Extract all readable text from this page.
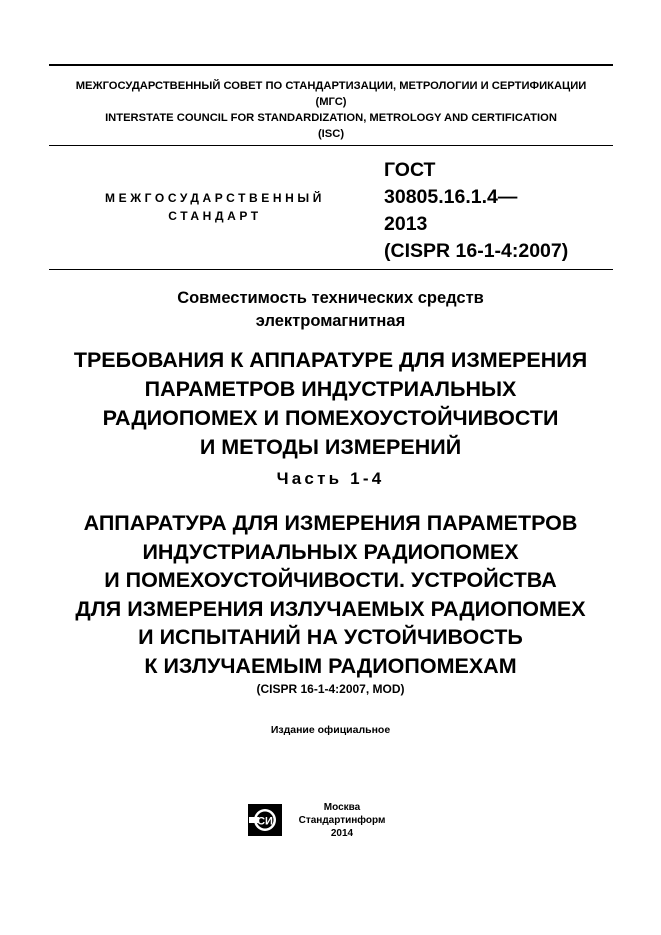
МЕЖГОСУДАРСТВЕННЫЙ СОВЕТ ПО СТАНДАРТИЗАЦИИ, МЕТРОЛОГИИ И СЕРТИФИКАЦИИ
(МГС)
INTERSTATE COUNCIL FOR STANDARDIZATION, METROLOGY AND CERTIFICATION
(ISC)
МЕЖГОСУДАРСТВЕННЫЙ
СТАНДАРТ
ГОСТ
30805.16.1.4—
2013
(CISPR 16-1-4:2007)
Совместимость технических средств
электромагнитная
ТРЕБОВАНИЯ К АППАРАТУРЕ ДЛЯ ИЗМЕРЕНИЯ
ПАРАМЕТРОВ ИНДУСТРИАЛЬНЫХ
РАДИОПОМЕХ И ПОМЕХОУСТОЙЧИВОСТИ
И МЕТОДЫ ИЗМЕРЕНИЙ
Часть 1-4
АППАРАТУРА ДЛЯ ИЗМЕРЕНИЯ ПАРАМЕТРОВ
ИНДУСТРИАЛЬНЫХ РАДИОПОМЕХ
И ПОМЕХОУСТОЙЧИВОСТИ. УСТРОЙСТВА
ДЛЯ ИЗМЕРЕНИЯ ИЗЛУЧАЕМЫХ РАДИОПОМЕХ
И ИСПЫТАНИЙ НА УСТОЙЧИВОСТЬ
К ИЗЛУЧАЕМЫМ РАДИОПОМЕХАМ
(CISPR 16-1-4:2007, MOD)
Издание официальное
СИ
Москва
Стандартинформ
2014
